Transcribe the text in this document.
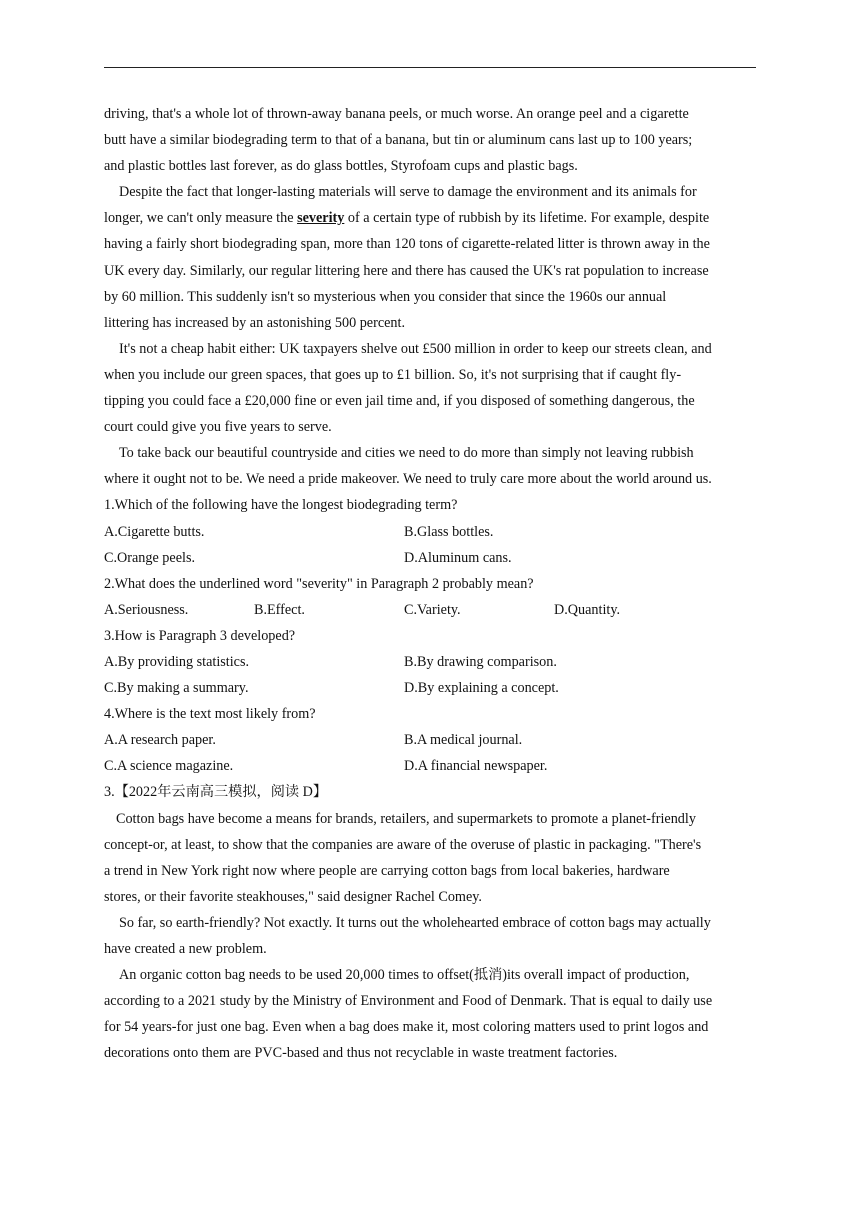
driving, that's a whole lot of thrown-away banana peels, or much worse. An orange peel and a cigarette
butt have a similar biodegrading term to that of a banana, but tin or aluminum cans last up to 100 years;
and plastic bottles last forever, as do glass bottles, Styrofoam cups and plastic bags.
Despite the fact that longer-lasting materials will serve to damage the environment and its animals for
longer, we can't only measure the severity of a certain type of rubbish by its lifetime. For example, despite
having a fairly short biodegrading span, more than 120 tons of cigarette-related litter is thrown away in the
UK every day. Similarly, our regular littering here and there has caused the UK's rat population to increase
by 60 million. This suddenly isn't so mysterious when you consider that since the 1960s our annual
littering has increased by an astonishing 500 percent.
It's not a cheap habit either: UK taxpayers shelve out £500 million in order to keep our streets clean, and
when you include our green spaces, that goes up to £1 billion. So, it's not surprising that if caught fly-
tipping you could face a £20,000 fine or even jail time and, if you disposed of something dangerous, the
court could give you five years to serve.
To take back our beautiful countryside and cities we need to do more than simply not leaving rubbish
where it ought not to be. We need a pride makeover. We need to truly care more about the world around us.
1.Which of the following have the longest biodegrading term?
A.Cigarette butts.	B.Glass bottles.
C.Orange peels.	D.Aluminum cans.
2.What does the underlined word "severity" in Paragraph 2 probably mean?
A.Seriousness.	B.Effect.	C.Variety.	D.Quantity.
3.How is Paragraph 3 developed?
A.By providing statistics.	B.By drawing comparison.
C.By making a summary.	D.By explaining a concept.
4.Where is the text most likely from?
A.A research paper.	B.A medical journal.
C.A science magazine.	D.A financial newspaper.
3.【2022年云南高三模拟，阅读 D】
Cotton bags have become a means for brands, retailers, and supermarkets to promote a planet-friendly
concept-or, at least, to show that the companies are aware of the overuse of plastic in packaging. "There's
a trend in New York right now where people are carrying cotton bags from local bakeries, hardware
stores, or their favorite steakhouses," said designer Rachel Comey.
So far, so earth-friendly? Not exactly. It turns out the wholehearted embrace of cotton bags may actually
have created a new problem.
An organic cotton bag needs to be used 20,000 times to offset(抵消)its overall impact of production,
according to a 2021 study by the Ministry of Environment and Food of Denmark. That is equal to daily use
for 54 years-for just one bag. Even when a bag does make it, most coloring matters used to print logos and
decorations onto them are PVC-based and thus not recyclable in waste treatment factories.
